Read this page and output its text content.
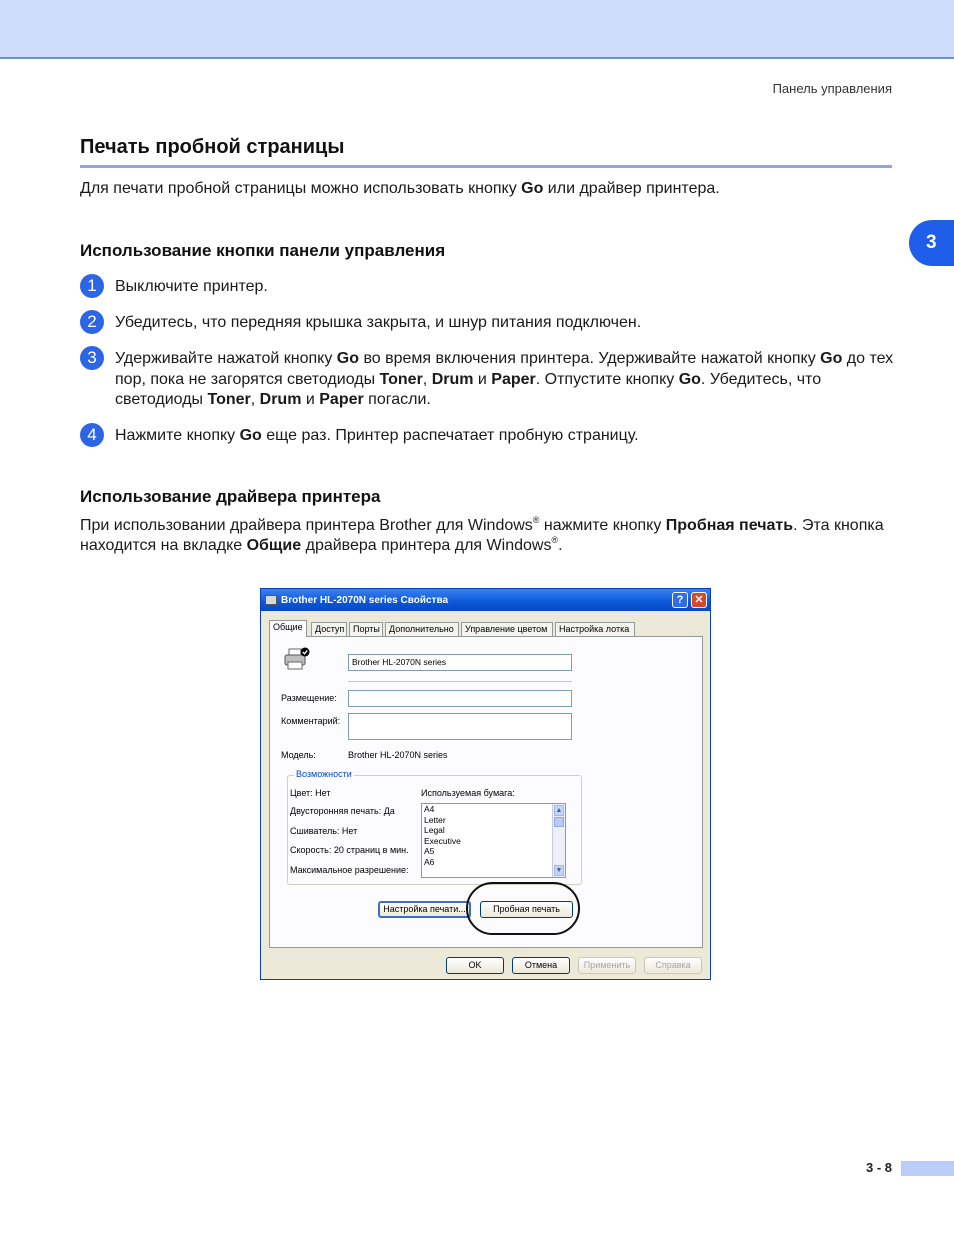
Панель управления
3
Печать пробной страницы

Для печати пробной страницы можно использовать кнопку Go или драйвер принтера.

Использование кнопки панели управления
1	Выключите принтер.

2	Убедитесь, что передняя крышка закрыта, и шнур питания подключен.

3	Удерживайте нажатой кнопку Go во время включения принтера. Удерживайте нажатой кнопку Go до тех пор, пока не загорятся светодиоды Toner, Drum и Paper. Отпустите кнопку Go. Убедитесь, что светодиоды Toner, Drum и Paper погасли.

4	Нажмите кнопку Go еще раз. Принтер распечатает пробную страницу.

Использование драйвера принтера

При использовании драйвера принтера Brother для Windows® нажмите кнопку Пробная печать. Эта кнопка находится на вкладке Общие драйвера принтера для Windows®.

Brother HL-2070N series Свойства	?	✕
Общие	Доступ Порты	Дополнительно	Управление цветом	Настройка лотка
Brother HL-2070N series
Размещение:
Комментарий:
Модель:	Brother HL-2070N series
Возможности
Цвет: Нет
Двусторонняя печать: Да
Сшиватель: Нет
Скорость: 20 страниц в мин.
Максимальное разрешение:
Используемая бумага:
A4
Letter
Legal
Executive
A5
A6
▲
▼
Настройка печати...	Пробная печать
OK	Отмена	Применить	Справка
3 - 8
